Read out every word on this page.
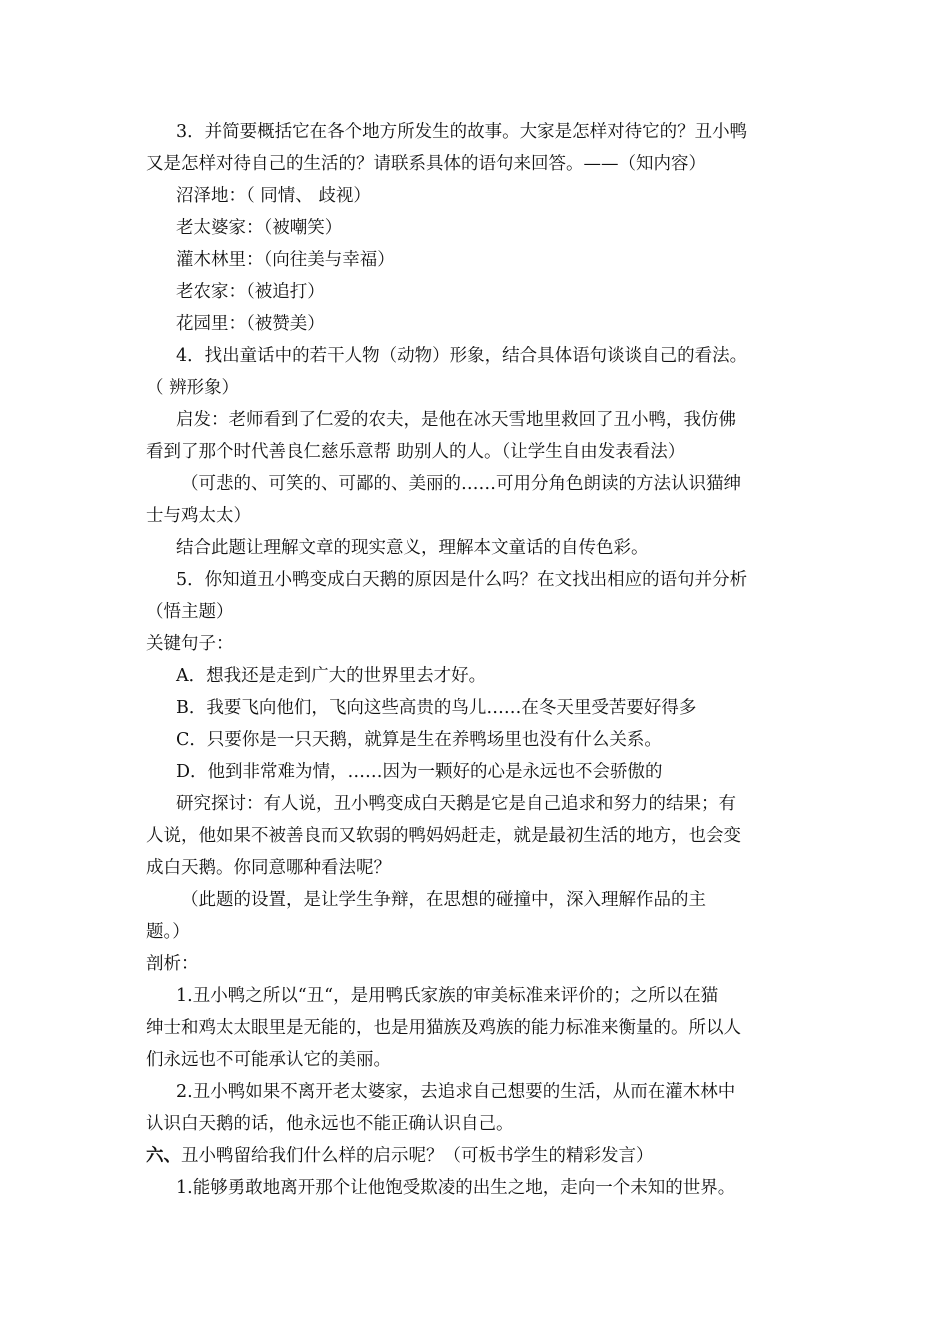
3．并简要概括它在各个地方所发生的故事。大家是怎样对待它的？丑小鸭
又是怎样对待自己的生活的？请联系具体的语句来回答。——（知内容）
沼泽地：（ 同情、 歧视）
老太婆家：（被嘲笑）
灌木林里：（向往美与幸福）
老农家：（被追打）
花园里：（被赞美）
4．找出童话中的若干人物（动物）形象，结合具体语句谈谈自己的看法。
（ 辨形象）
启发：老师看到了仁爱的农夫，是他在冰天雪地里救回了丑小鸭，我仿佛
看到了那个时代善良仁慈乐意帮 助别人的人。（让学生自由发表看法）
（可悲的、可笑的、可鄙的、美丽的……可用分角色朗读的方法认识猫绅
士与鸡太太）
结合此题让理解文章的现实意义，理解本文童话的自传色彩。
5．你知道丑小鸭变成白天鹅的原因是什么吗？在文找出相应的语句并分析
（悟主题）
关键句子：
A．想我还是走到广大的世界里去才好。
B．我要飞向他们，飞向这些高贵的鸟儿……在冬天里受苦要好得多
C．只要你是一只天鹅，就算是生在养鸭场里也没有什么关系。
D．他到非常难为情，……因为一颗好的心是永远也不会骄傲的
研究探讨：有人说，丑小鸭变成白天鹅是它是自己追求和努力的结果；有
人说，他如果不被善良而又软弱的鸭妈妈赶走，就是最初生活的地方，也会变
成白天鹅。你同意哪种看法呢？
（此题的设置，是让学生争辩，在思想的碰撞中，深入理解作品的主
题。）
剖析：
1.丑小鸭之所以“丑“，是用鸭氏家族的审美标准来评价的；之所以在猫
绅士和鸡太太眼里是无能的，也是用猫族及鸡族的能力标准来衡量的。所以人
们永远也不可能承认它的美丽。
2.丑小鸭如果不离开老太婆家，去追求自己想要的生活，从而在灌木林中
认识白天鹅的话，他永远也不能正确认识自己。
六、丑小鸭留给我们什么样的启示呢？（可板书学生的精彩发言）
1.能够勇敢地离开那个让他饱受欺凌的出生之地，走向一个未知的世界。
